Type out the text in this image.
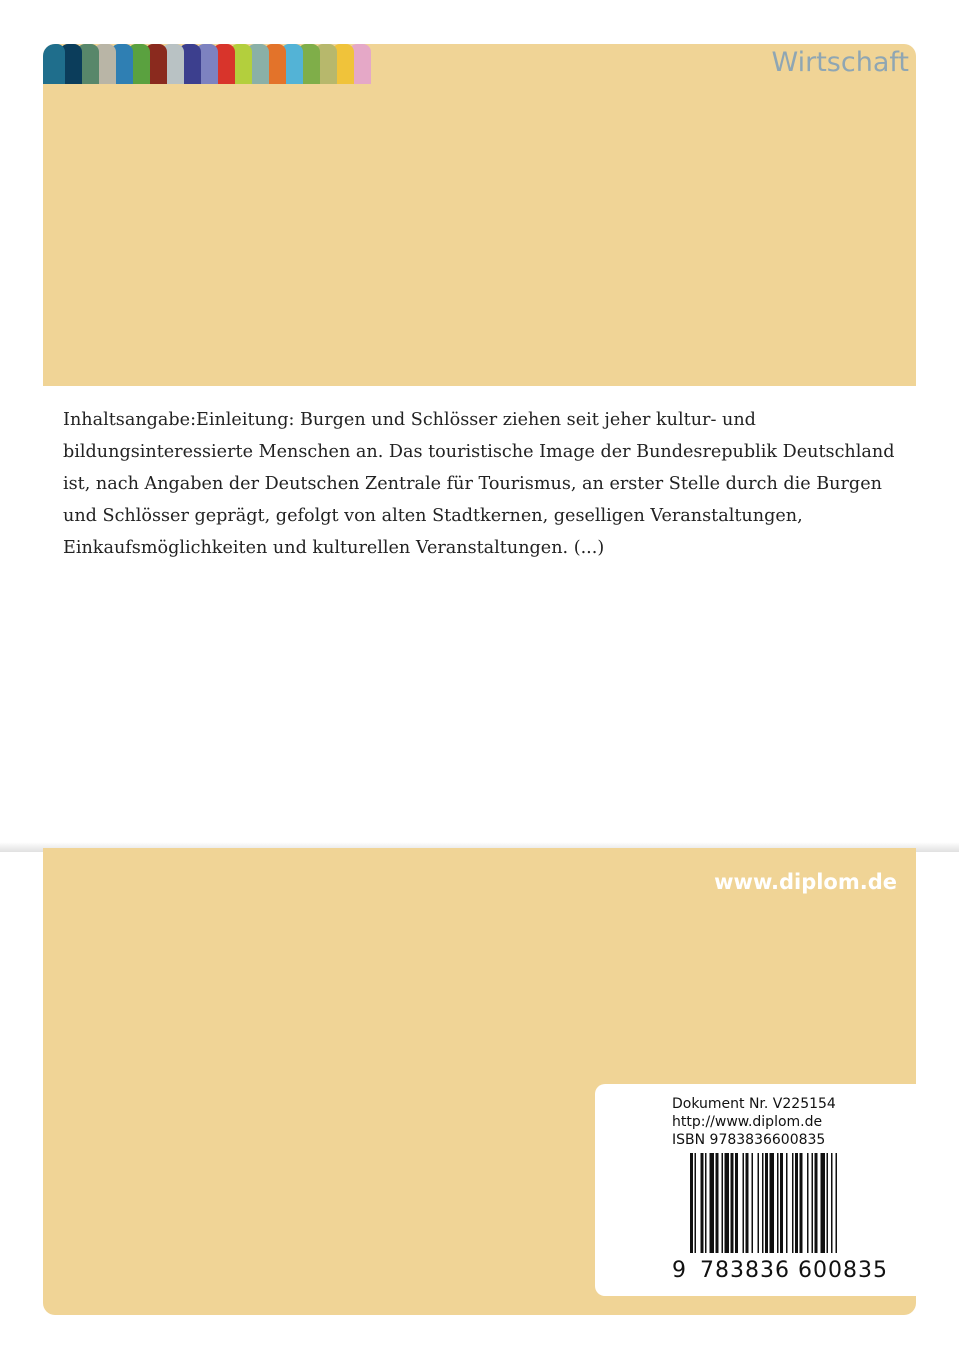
Wirtschaft

Inhaltsangabe:Einleitung: Burgen und Schlösser ziehen seit jeher kultur- und bildungsinteressierte Menschen an. Das touristische Image der Bundesrepublik Deutschland ist, nach Angaben der Deutschen Zentrale für Tourismus, an erster Stelle durch die Burgen und Schlösser geprägt, gefolgt von alten Stadtkernen, geselligen Veranstaltungen, Einkaufsmöglichkeiten und kulturellen Veranstaltungen. (...)

www.diplom.de
Dokument Nr. V225154
http://www.diplom.de
ISBN 9783836600835
9 783836 600835
